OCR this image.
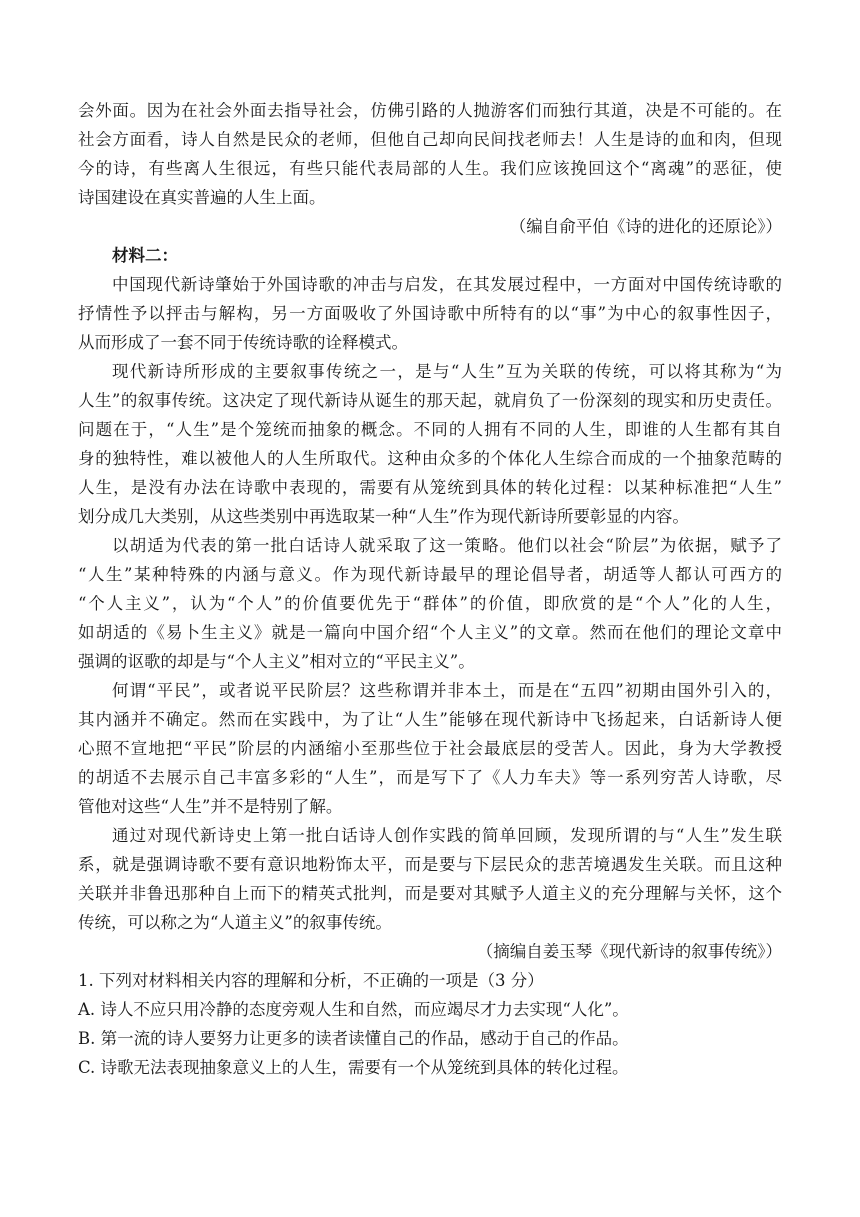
会外面。因为在社会外面去指导社会，仿佛引路的人抛游客们而独行其道，决是不可能的。在
社会方面看，诗人自然是民众的老师，但他自己却向民间找老师去！人生是诗的血和肉，但现
今的诗，有些离人生很远，有些只能代表局部的人生。我们应该挽回这个“离魂”的恶征，使
诗国建设在真实普遍的人生上面。
（编自俞平伯《诗的进化的还原论》）
材料二：
中国现代新诗肇始于外国诗歌的冲击与启发，在其发展过程中，一方面对中国传统诗歌的
抒情性予以抨击与解构，另一方面吸收了外国诗歌中所特有的以“事”为中心的叙事性因子，
从而形成了一套不同于传统诗歌的诠释模式。
现代新诗所形成的主要叙事传统之一，是与“人生”互为关联的传统，可以将其称为“为
人生”的叙事传统。这决定了现代新诗从诞生的那天起，就肩负了一份深刻的现实和历史责任。
问题在于，“人生”是个笼统而抽象的概念。不同的人拥有不同的人生，即谁的人生都有其自
身的独特性，难以被他人的人生所取代。这种由众多的个体化人生综合而成的一个抽象范畴的
人生，是没有办法在诗歌中表现的，需要有从笼统到具体的转化过程：以某种标准把“人生”
划分成几大类别，从这些类别中再选取某一种“人生”作为现代新诗所要彰显的内容。
以胡适为代表的第一批白话诗人就采取了这一策略。他们以社会“阶层”为依据，赋予了
“人生”某种特殊的内涵与意义。作为现代新诗最早的理论倡导者，胡适等人都认可西方的
“个人主义”，认为“个人”的价值要优先于“群体”的价值，即欣赏的是“个人”化的人生，
如胡适的《易卜生主义》就是一篇向中国介绍“个人主义”的文章。然而在他们的理论文章中
强调的讴歌的却是与“个人主义”相对立的“平民主义”。
何谓“平民”，或者说平民阶层？这些称谓并非本土，而是在“五四”初期由国外引入的，
其内涵并不确定。然而在实践中，为了让“人生”能够在现代新诗中飞扬起来，白话新诗人便
心照不宣地把“平民”阶层的内涵缩小至那些位于社会最底层的受苦人。因此，身为大学教授
的胡适不去展示自己丰富多彩的“人生”，而是写下了《人力车夫》等一系列穷苦人诗歌，尽
管他对这些“人生”并不是特别了解。
通过对现代新诗史上第一批白话诗人创作实践的简单回顾，发现所谓的与“人生”发生联
系，就是强调诗歌不要有意识地粉饰太平，而是要与下层民众的悲苦境遇发生关联。而且这种
关联并非鲁迅那种自上而下的精英式批判，而是要对其赋予人道主义的充分理解与关怀，这个
传统，可以称之为“人道主义”的叙事传统。
（摘编自姜玉琴《现代新诗的叙事传统》）
1. 下列对材料相关内容的理解和分析，不正确的一项是（3 分）
A. 诗人不应只用冷静的态度旁观人生和自然，而应竭尽才力去实现“人化”。
B. 第一流的诗人要努力让更多的读者读懂自己的作品，感动于自己的作品。
C. 诗歌无法表现抽象意义上的人生，需要有一个从笼统到具体的转化过程。
